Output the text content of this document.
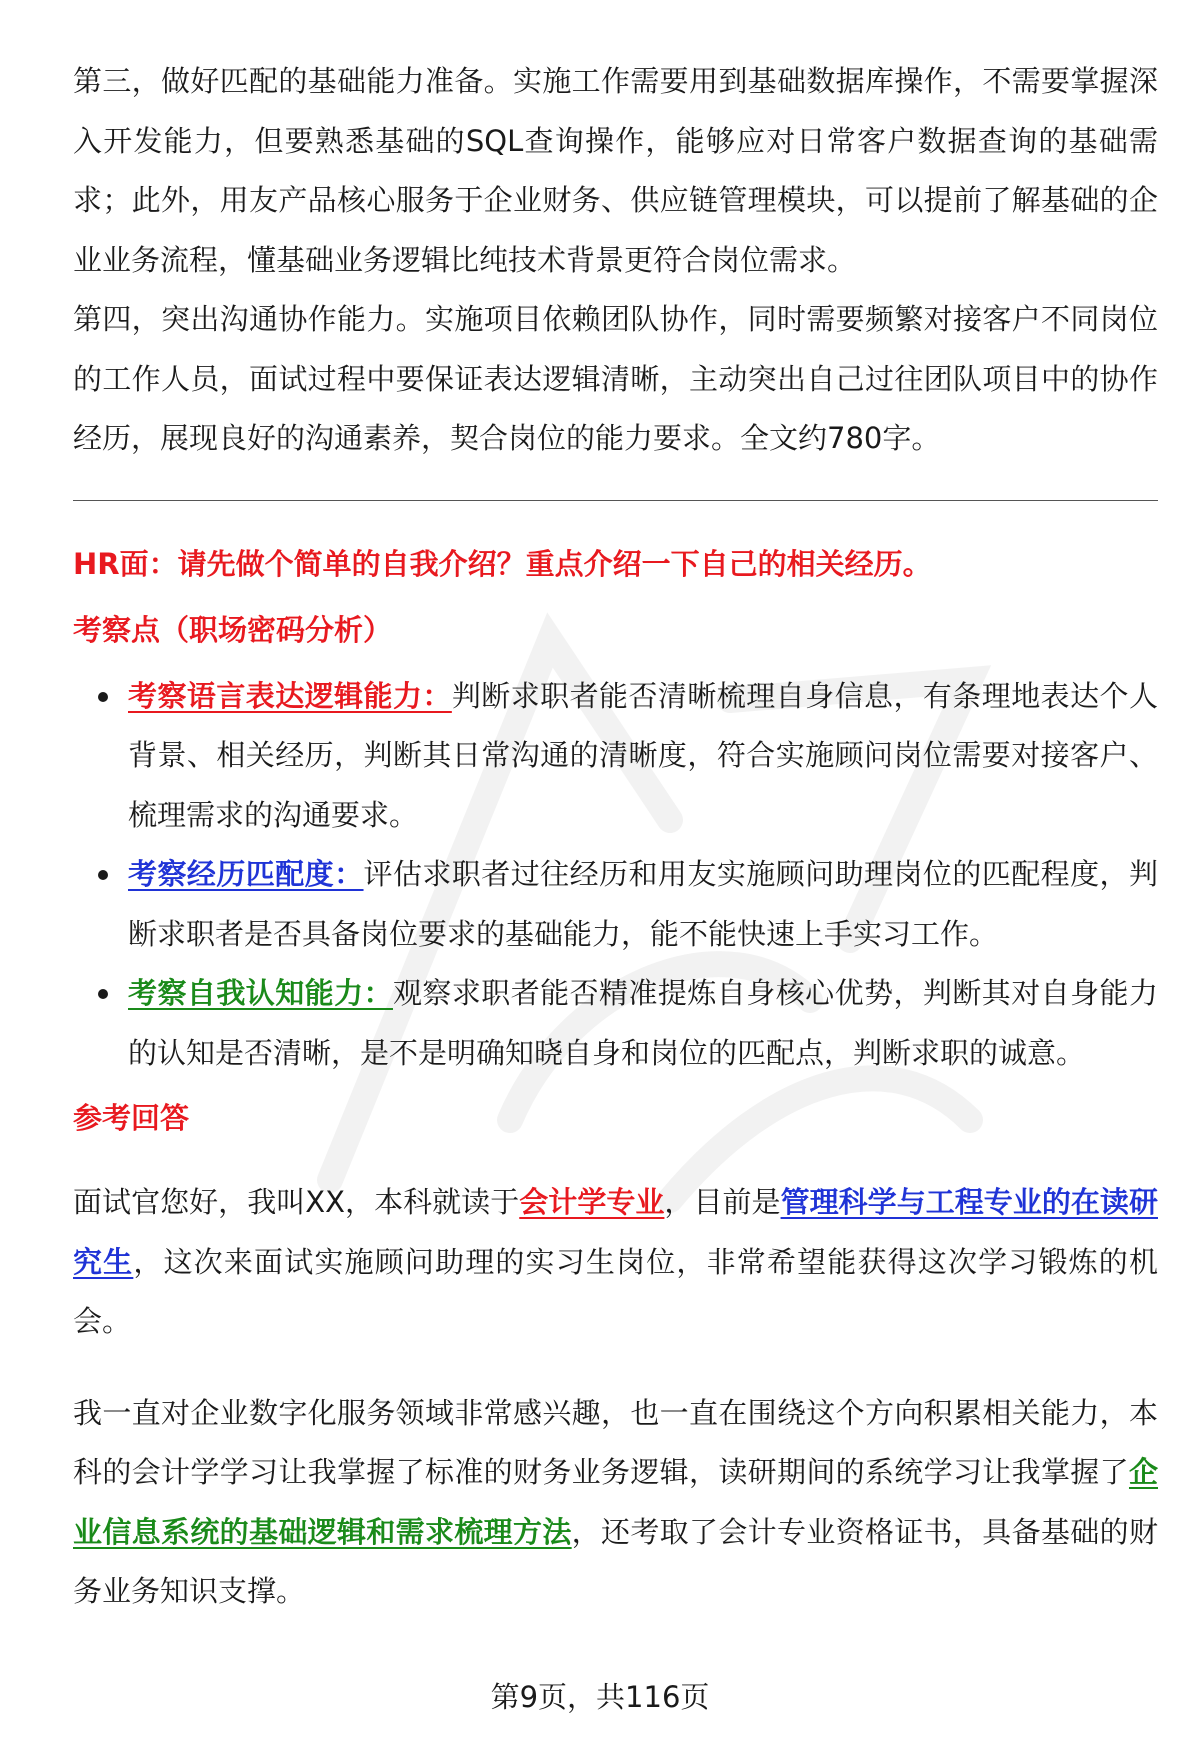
第三，做好匹配的基础能力准备。实施工作需要用到基础数据库操作，不需要掌握深入开发能力，但要熟悉基础的SQL查询操作，能够应对日常客户数据查询的基础需求；此外，用友产品核心服务于企业财务、供应链管理模块，可以提前了解基础的企业业务流程，懂基础业务逻辑比纯技术背景更符合岗位需求。

第四，突出沟通协作能力。实施项目依赖团队协作，同时需要频繁对接客户不同岗位的工作人员，面试过程中要保证表达逻辑清晰，主动突出自己过往团队项目中的协作经历，展现良好的沟通素养，契合岗位的能力要求。全文约780字。

HR面：请先做个简单的自我介绍？重点介绍一下自己的相关经历。
考察点（职场密码分析）
考察语言表达逻辑能力：判断求职者能否清晰梳理自身信息，有条理地表达个人背景、相关经历，判断其日常沟通的清晰度，符合实施顾问岗位需要对接客户、梳理需求的沟通要求。
考察经历匹配度：评估求职者过往经历和用友实施顾问助理岗位的匹配程度，判断求职者是否具备岗位要求的基础能力，能不能快速上手实习工作。
考察自我认知能力：观察求职者能否精准提炼自身核心优势，判断其对自身能力的认知是否清晰，是不是明确知晓自身和岗位的匹配点，判断求职的诚意。
参考回答

面试官您好，我叫XX，本科就读于会计学专业，目前是管理科学与工程专业的在读研究生，这次来面试实施顾问助理的实习生岗位，非常希望能获得这次学习锻炼的机会。

我一直对企业数字化服务领域非常感兴趣，也一直在围绕这个方向积累相关能力，本科的会计学学习让我掌握了标准的财务业务逻辑，读研期间的系统学习让我掌握了企业信息系统的基础逻辑和需求梳理方法，还考取了会计专业资格证书，具备基础的财务业务知识支撑。

第9页，共116页
